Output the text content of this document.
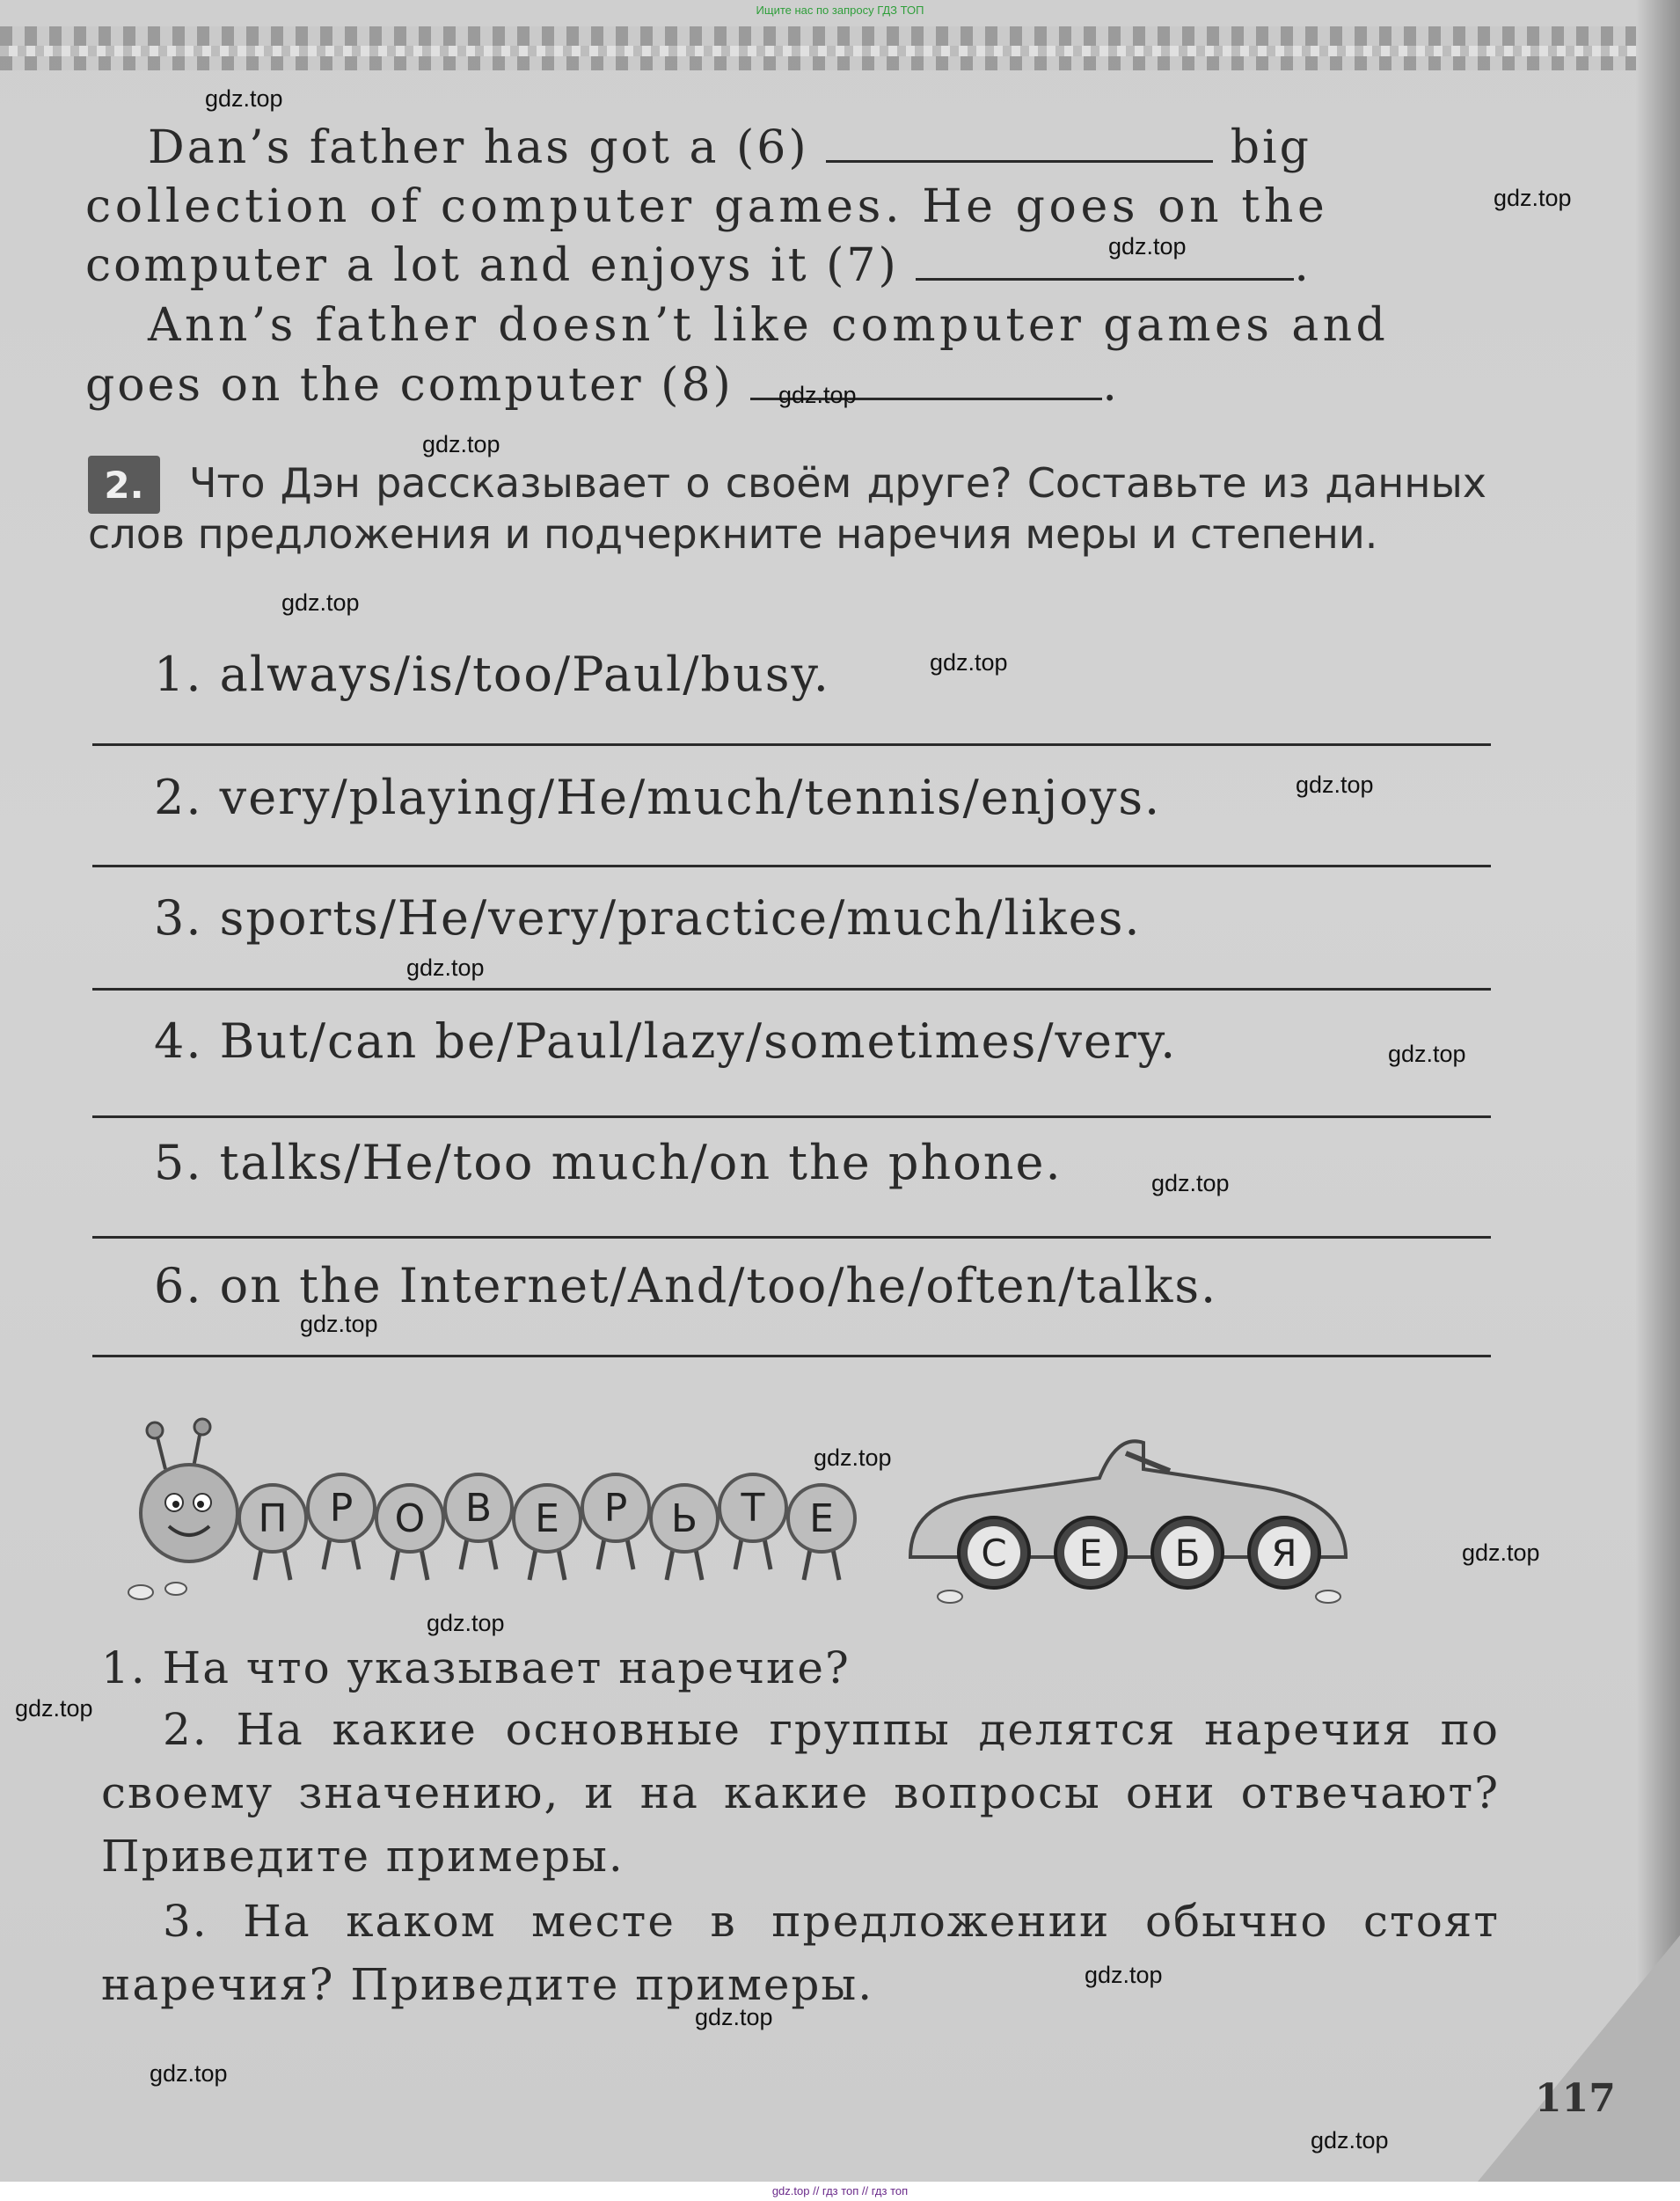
Dan’s father has got a (6)	big
collection of computer games. He goes on the
computer a lot and enjoys it (7)	.
Ann’s father doesn’t like computer games and
goes on the computer (8)	.
2.	Что Дэн рассказывает о своём друге? Составьте из данных слов предложения и подчеркните наречия меры и степени.
1. always/is/too/Paul/busy.
2. very/playing/He/much/tennis/enjoys.
3. sports/He/very/practice/much/likes.
4. But/can be/Paul/lazy/sometimes/very.
5. talks/He/too much/on the phone.
6. on the Internet/And/too/he/often/talks.
П Р О В Е Р Ь Т Е
С Е Б Я
1. На что указывает наречие?
2. На какие основные группы делятся наречия по своему значению, и на какие вопросы они отвечают? Приведите примеры.
3. На каком месте в предложении обычно стоят наречия? Приведите примеры.
117
gdz.top
gdz.top
gdz.top
gdz.top
gdz.top
gdz.top
gdz.top
gdz.top
gdz.top
gdz.top
gdz.top
gdz.top
gdz.top
gdz.top
gdz.top
gdz.top
gdz.top
gdz.top
gdz.top
gdz.top
Ищите нас по запросу ГДЗ ТОП
gdz.top // гдз топ // гдз топ
